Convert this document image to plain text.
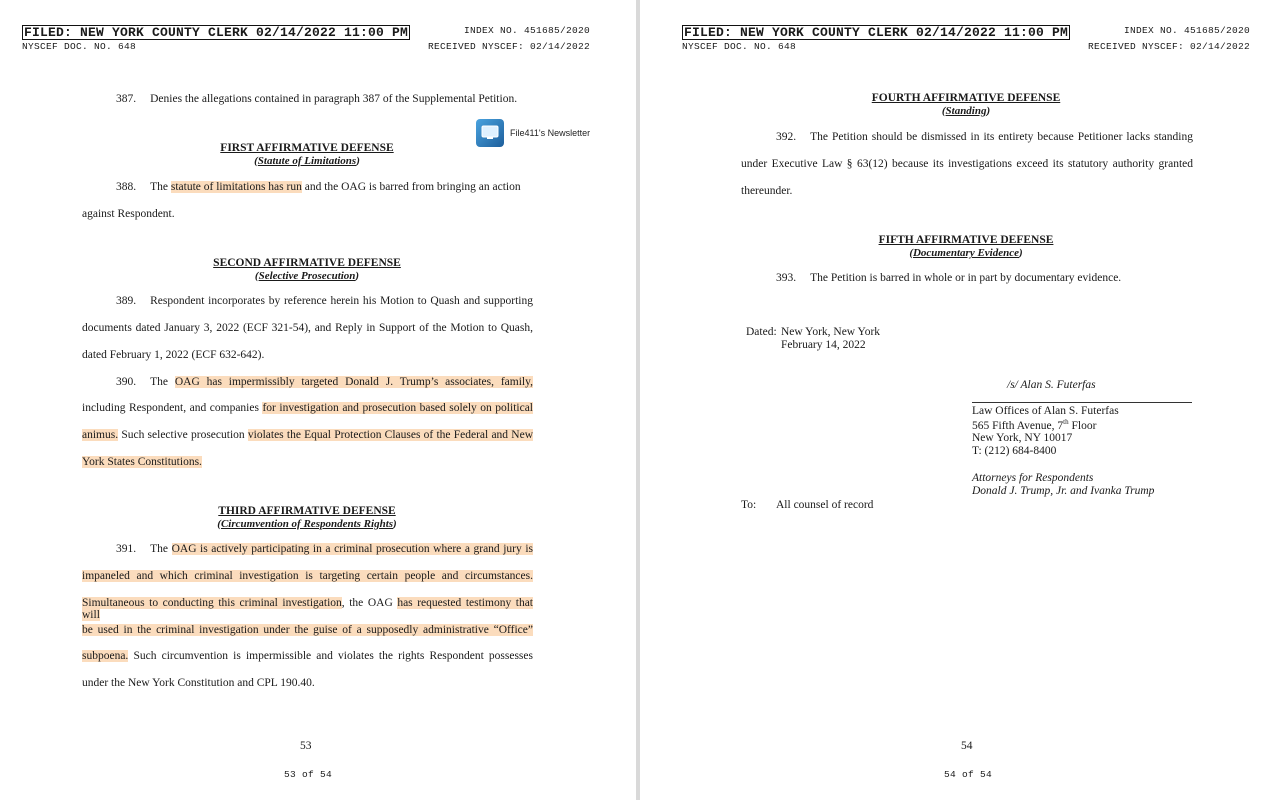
FILED: NEW YORK COUNTY CLERK 02/14/2022 11:00 PM
NYSCEF DOC. NO. 648
INDEX NO. 451685/2020
RECEIVED NYSCEF: 02/14/2022
387. Denies the allegations contained in paragraph 387 of the Supplemental Petition.
File411's Newsletter
FIRST AFFIRMATIVE DEFENSE
(Statute of Limitations)
388. The statute of limitations has run and the OAG is barred from bringing an action
against Respondent.
SECOND AFFIRMATIVE DEFENSE
(Selective Prosecution)
389. Respondent incorporates by reference herein his Motion to Quash and supporting
documents dated January 3, 2022 (ECF 321-54), and Reply in Support of the Motion to Quash,
dated February 1, 2022 (ECF 632-642).
390. The OAG has impermissibly targeted Donald J. Trump’s associates, family,
including Respondent, and companies for investigation and prosecution based solely on political
animus. Such selective prosecution violates the Equal Protection Clauses of the Federal and New
York States Constitutions.
THIRD AFFIRMATIVE DEFENSE
(Circumvention of Respondents Rights)
391. The OAG is actively participating in a criminal prosecution where a grand jury is
impaneled and which criminal investigation is targeting certain people and circumstances.
Simultaneous to conducting this criminal investigation, the OAG has requested testimony that will
be used in the criminal investigation under the guise of a supposedly administrative “Office”
subpoena. Such circumvention is impermissible and violates the rights Respondent possesses
under the New York Constitution and CPL 190.40.
53
53 of 54
FILED: NEW YORK COUNTY CLERK 02/14/2022 11:00 PM
NYSCEF DOC. NO. 648
INDEX NO. 451685/2020
RECEIVED NYSCEF: 02/14/2022
FOURTH AFFIRMATIVE DEFENSE
(Standing)
392. The Petition should be dismissed in its entirety because Petitioner lacks standing
under Executive Law § 63(12) because its investigations exceed its statutory authority granted
thereunder.
FIFTH AFFIRMATIVE DEFENSE
(Documentary Evidence)
393. The Petition is barred in whole or in part by documentary evidence.
Dated: New York, New York
February 14, 2022
/s/ Alan S. Futerfas
Law Offices of Alan S. Futerfas
565 Fifth Avenue, 7th Floor
New York, NY 10017
T: (212) 684-8400
Attorneys for Respondents
Donald J. Trump, Jr. and Ivanka Trump
To: All counsel of record
54
54 of 54
